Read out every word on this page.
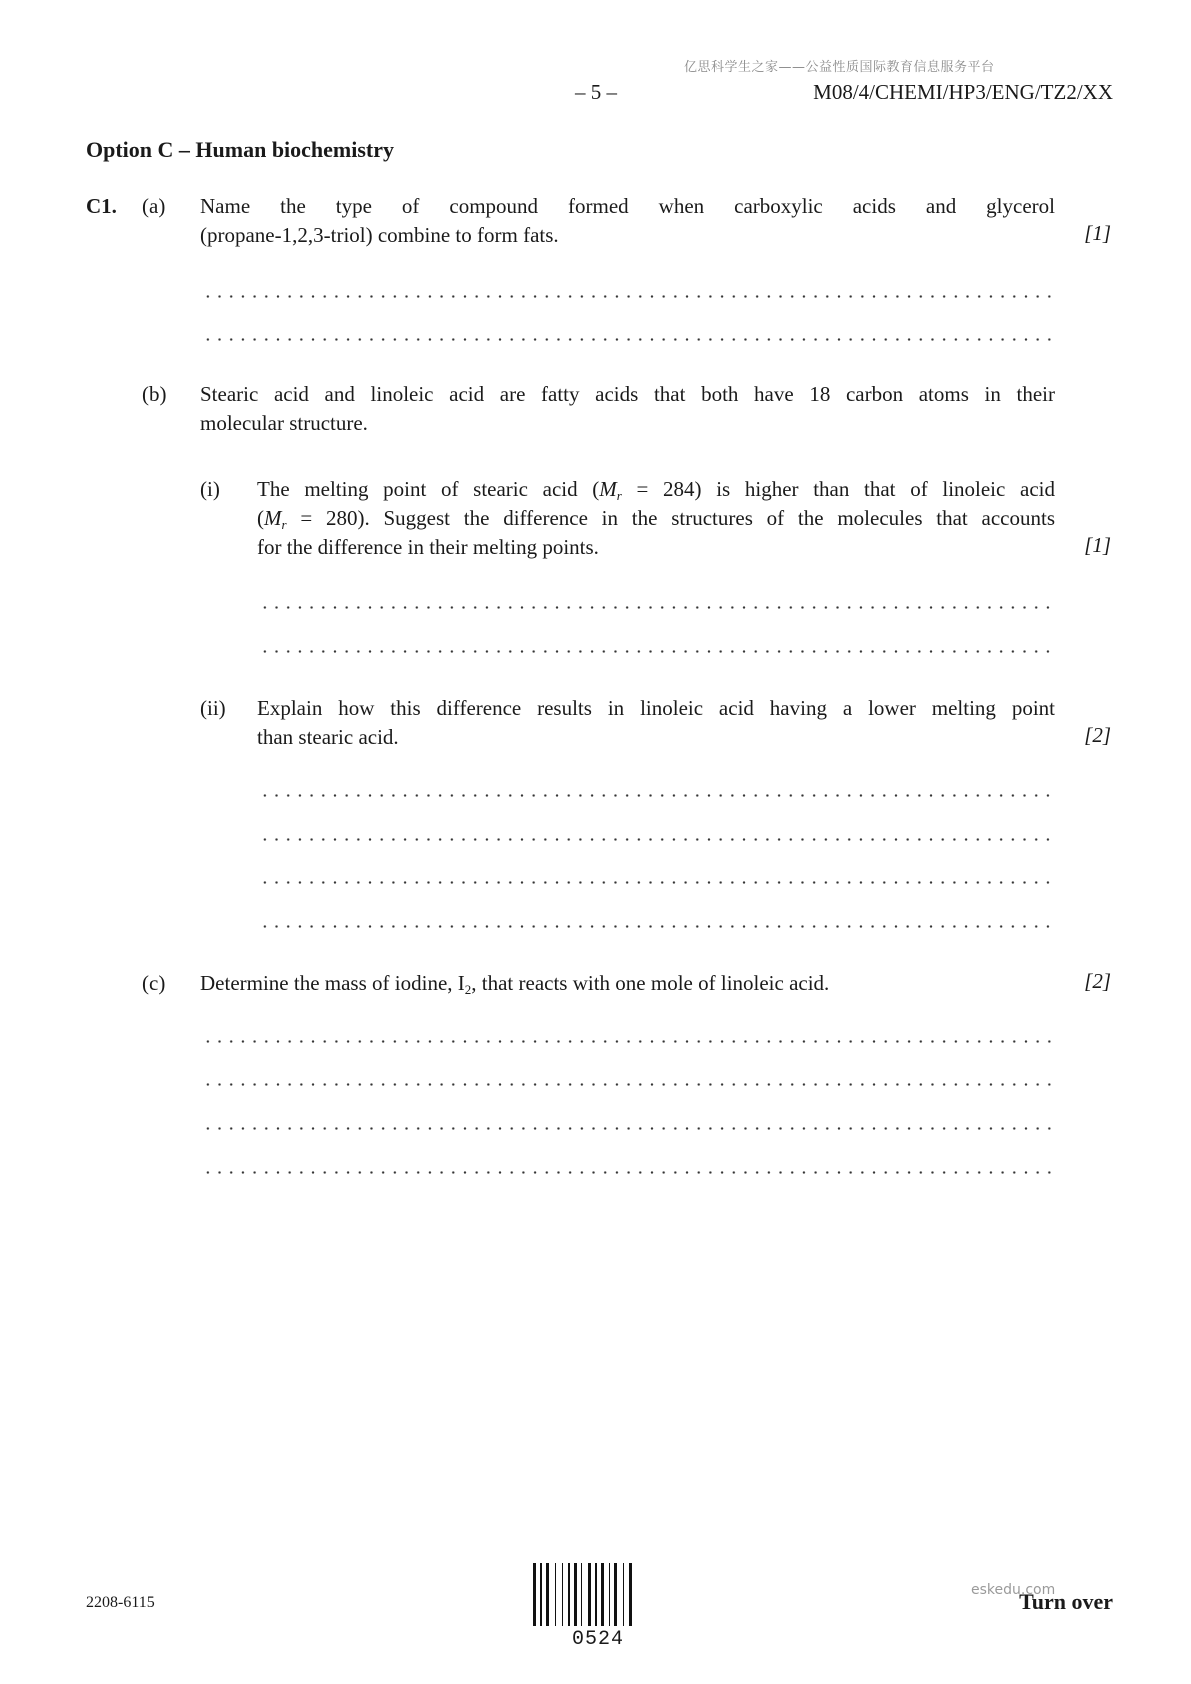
亿思科学生之家——公益性质国际教育信息服务平台
– 5 –	M08/4/CHEMI/HP3/ENG/TZ2/XX
Option C – Human biochemistry
C1. (a) Name the type of compound formed when carboxylic acids and glycerol
(propane-1,2,3-triol) combine to form fats.	[1]
(b) Stearic acid and linoleic acid are fatty acids that both have 18 carbon atoms in their
molecular structure.
(i) The melting point of stearic acid $(M_r = 284)$ is higher than that of linoleic acid
$(M_r = 280)$. Suggest the difference in the structures of the molecules that accounts
for the difference in their melting points.	[1]
(ii) Explain how this difference results in linoleic acid having a lower melting point
than stearic acid.	[2]
(c) Determine the mass of iodine, $I_2$, that reacts with one mole of linoleic acid.	[2]
2208-6115
0524
eskedu.com
Turn over
